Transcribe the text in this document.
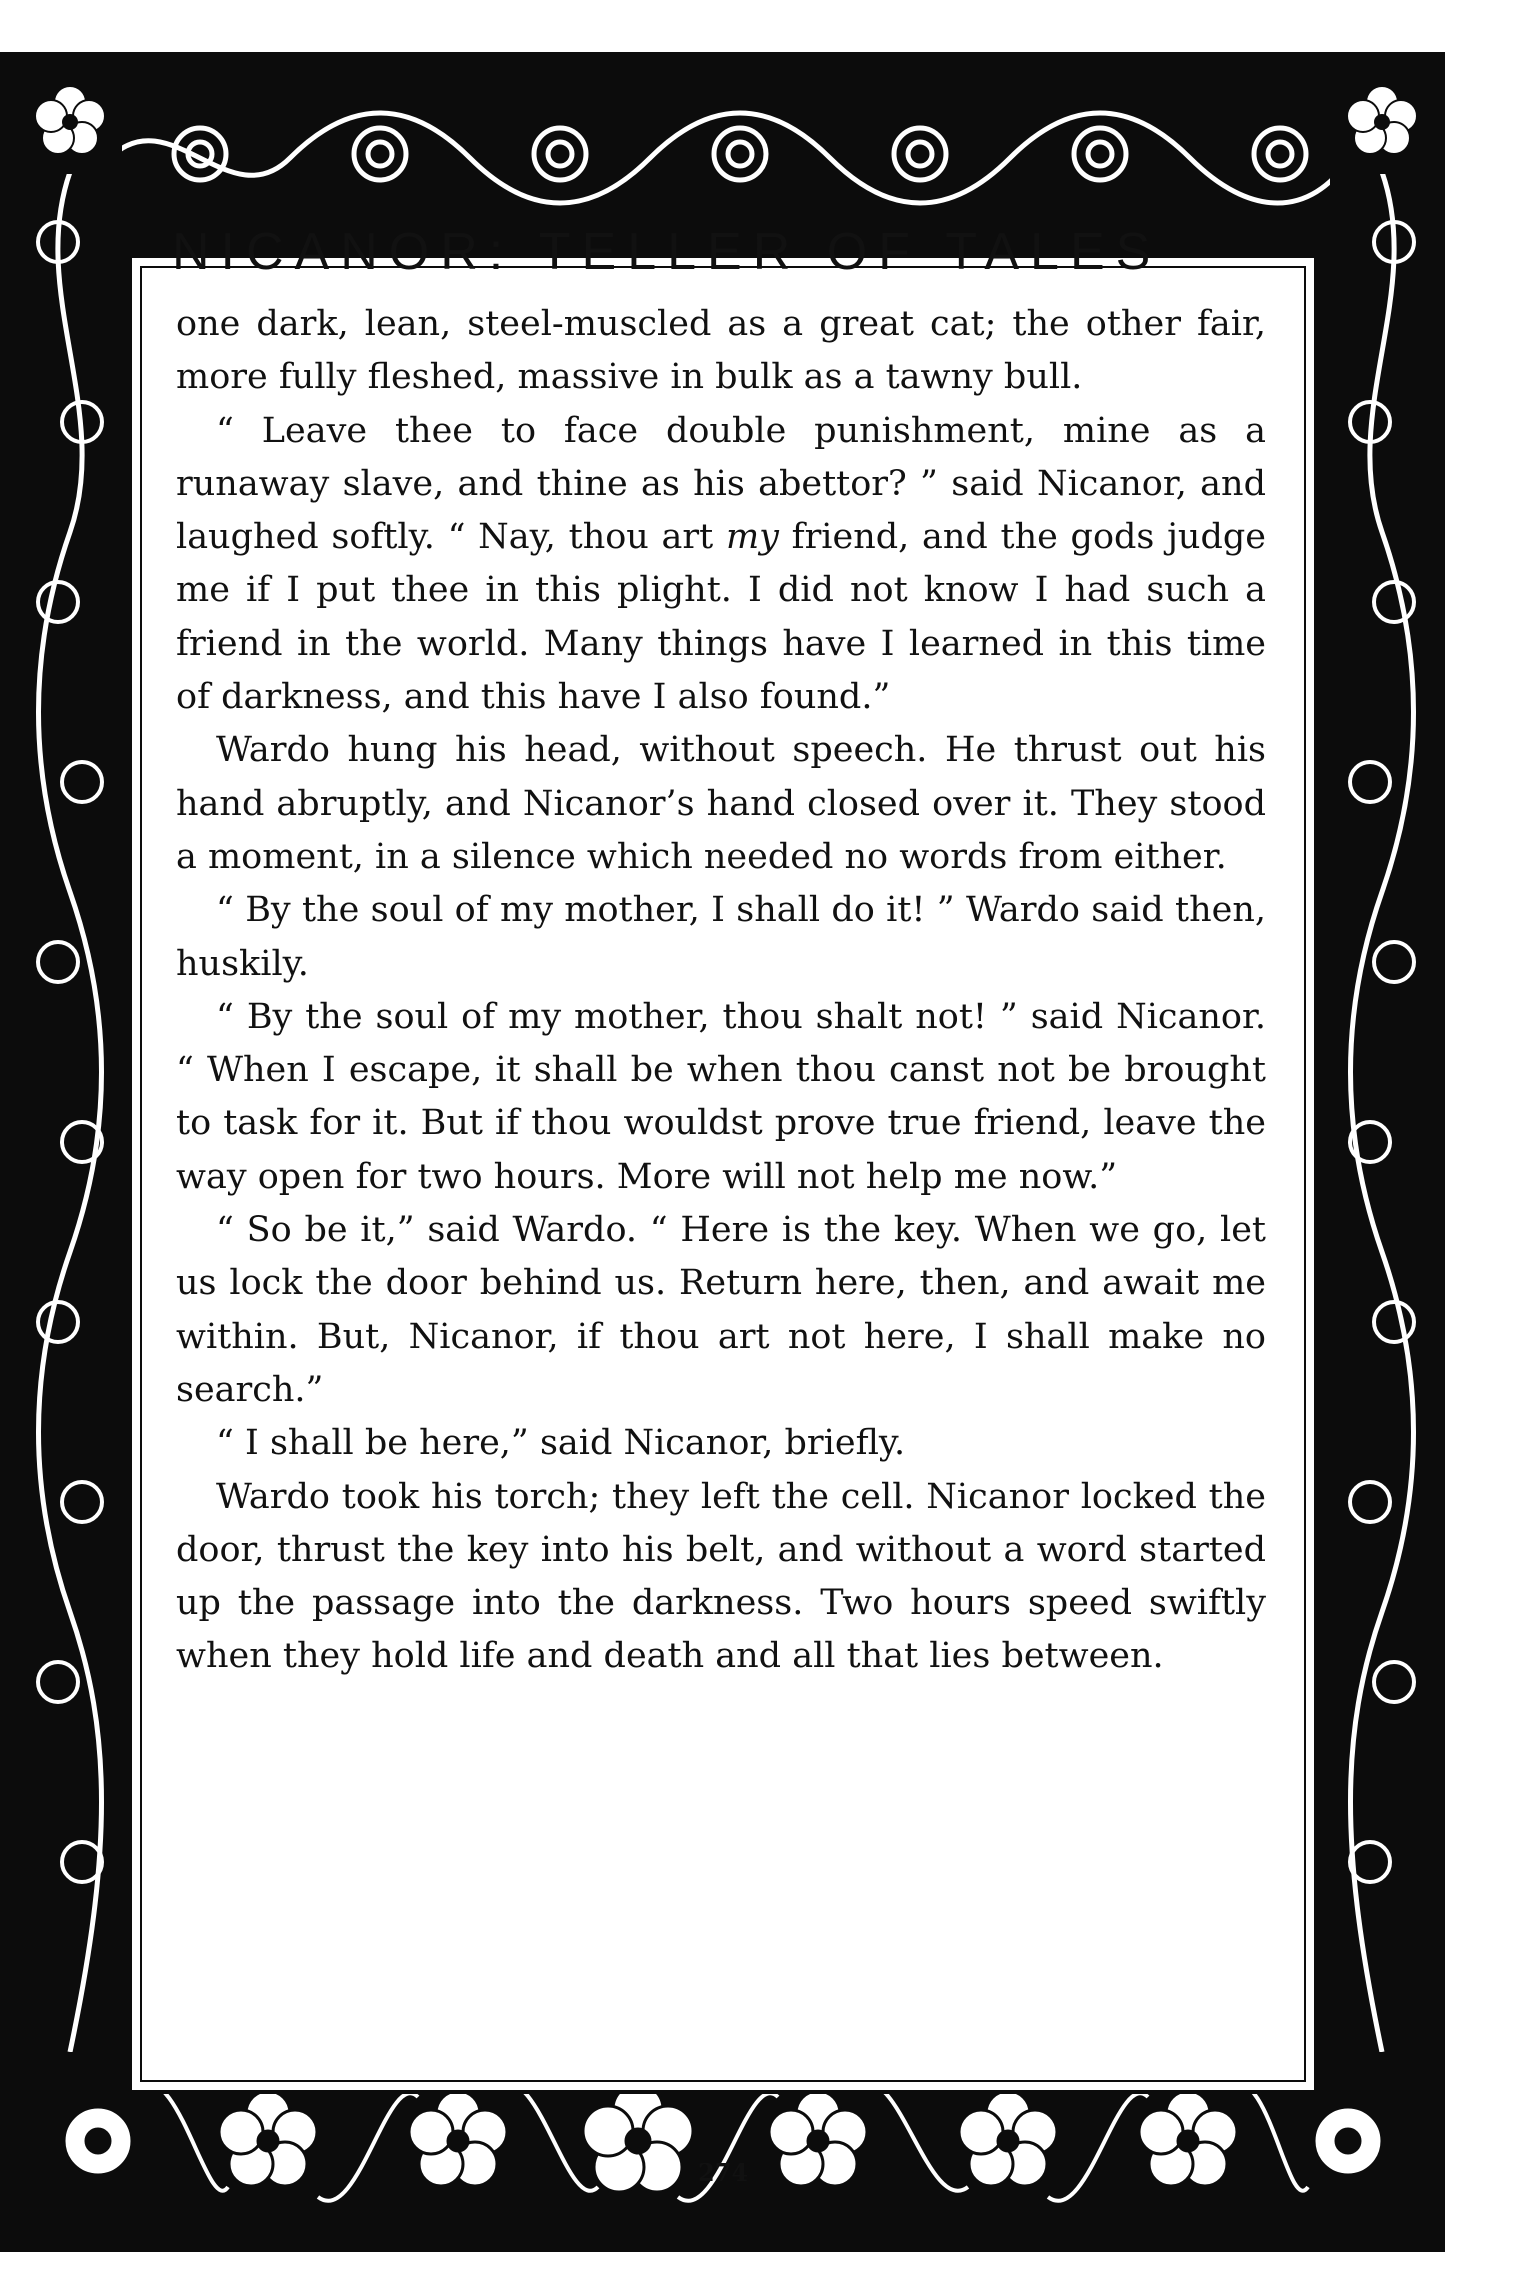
274
NICANOR: TELLER OF TALES

one dark, lean, steel-muscled as a great cat; the other fair, more fully fleshed, massive in bulk as a tawny bull.

“ Leave thee to face double punishment, mine as a runaway slave, and thine as his abettor? ” said Nicanor, and laughed softly. “ Nay, thou art my friend, and the gods judge me if I put thee in this plight. I did not know I had such a friend in the world. Many things have I learned in this time of darkness, and this have I also found.”

Wardo hung his head, without speech. He thrust out his hand abruptly, and Nicanor’s hand closed over it. They stood a moment, in a silence which needed no words from either.

“ By the soul of my mother, I shall do it! ” Wardo said then, huskily.

“ By the soul of my mother, thou shalt not! ” said Nicanor. “ When I escape, it shall be when thou canst not be brought to task for it. But if thou wouldst prove true friend, leave the way open for two hours. More will not help me now.”

“ So be it,” said Wardo. “ Here is the key. When we go, let us lock the door behind us. Return here, then, and await me within. But, Nicanor, if thou art not here, I shall make no search.”

“ I shall be here,” said Nicanor, briefly.

Wardo took his torch; they left the cell. Nicanor locked the door, thrust the key into his belt, and without a word started up the passage into the darkness. Two hours speed swiftly when they hold life and death and all that lies between.
